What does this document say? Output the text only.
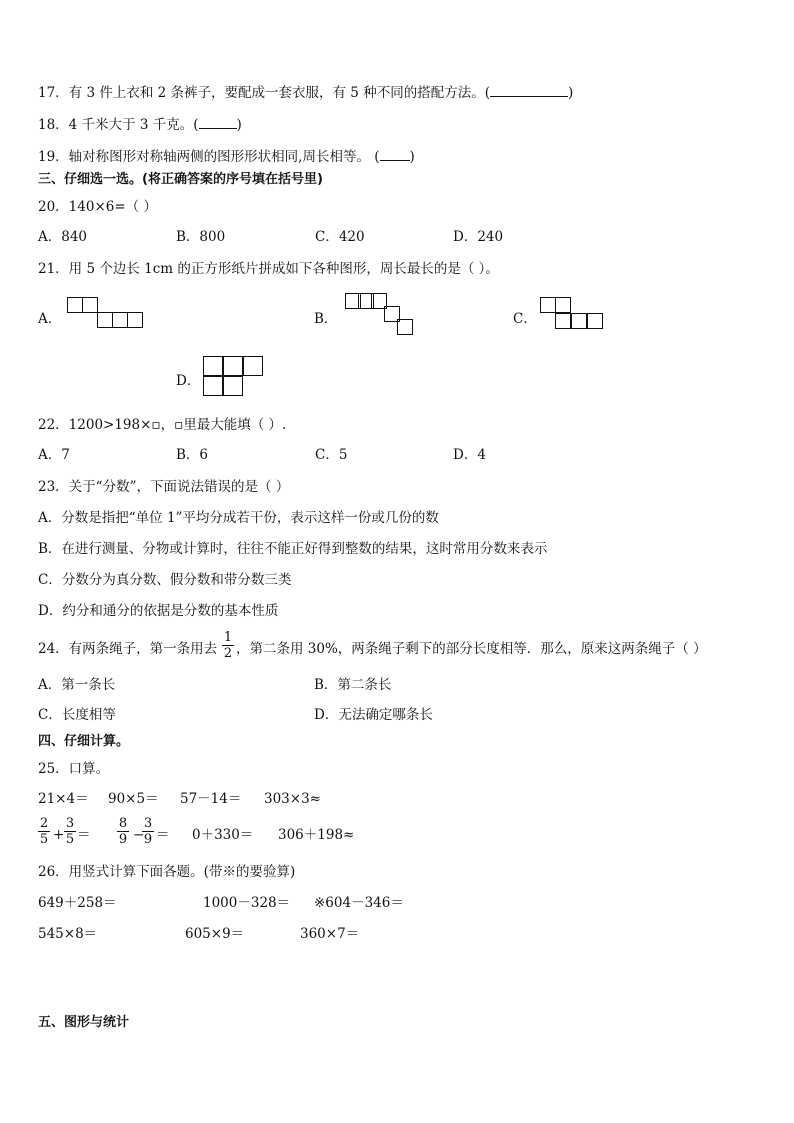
17．有 3 件上衣和 2 条裤子，要配成一套衣服，有 5 种不同的搭配方法。(	)
18．4 千米大于 3 千克。(	)
19．轴对称图形对称轴两侧的图形形状相同,周长相等。 ( )
三、仔细选一选。(将正确答案的序号填在括号里)
20．140×6=（ ）
A．840	B．800	C．420	D．240
21．用 5 个边长 1cm 的正方形纸片拼成如下各种图形，周长最长的是（ ）。
A．	B．	C．
D．
22．1200>198×▫，▫里最大能填（ ）.
A．7	B．6	C．5	D．4
23．关于“分数”，下面说法错误的是（ ）
A．分数是指把“单位 1”平均分成若干份，表示这样一份或几份的数
B．在进行测量、分物或计算时，往往不能正好得到整数的结果，这时常用分数来表示
C．分数分为真分数、假分数和带分数三类
D．约分和通分的依据是分数的基本性质
24．有两条绳子，第一条用去
1
2 ，第二条用 30%，两条绳子剩下的部分长度相等．那么，原来这两条绳子（ ）
A．第一条长	B．第二条长
C．长度相等	D．无法确定哪条长
四、仔细计算。
25．口算。
21×4＝ 90×5＝ 57－14＝ 303×3≈
2
5 +
3
5 ＝
8
9 −
3
9 ＝ 0＋330＝ 306＋198≈
26．用竖式计算下面各题。(带※的要验算)
649＋258＝	1000－328＝ ※604－346＝
545×8＝	605×9＝	360×7＝
五、图形与统计
